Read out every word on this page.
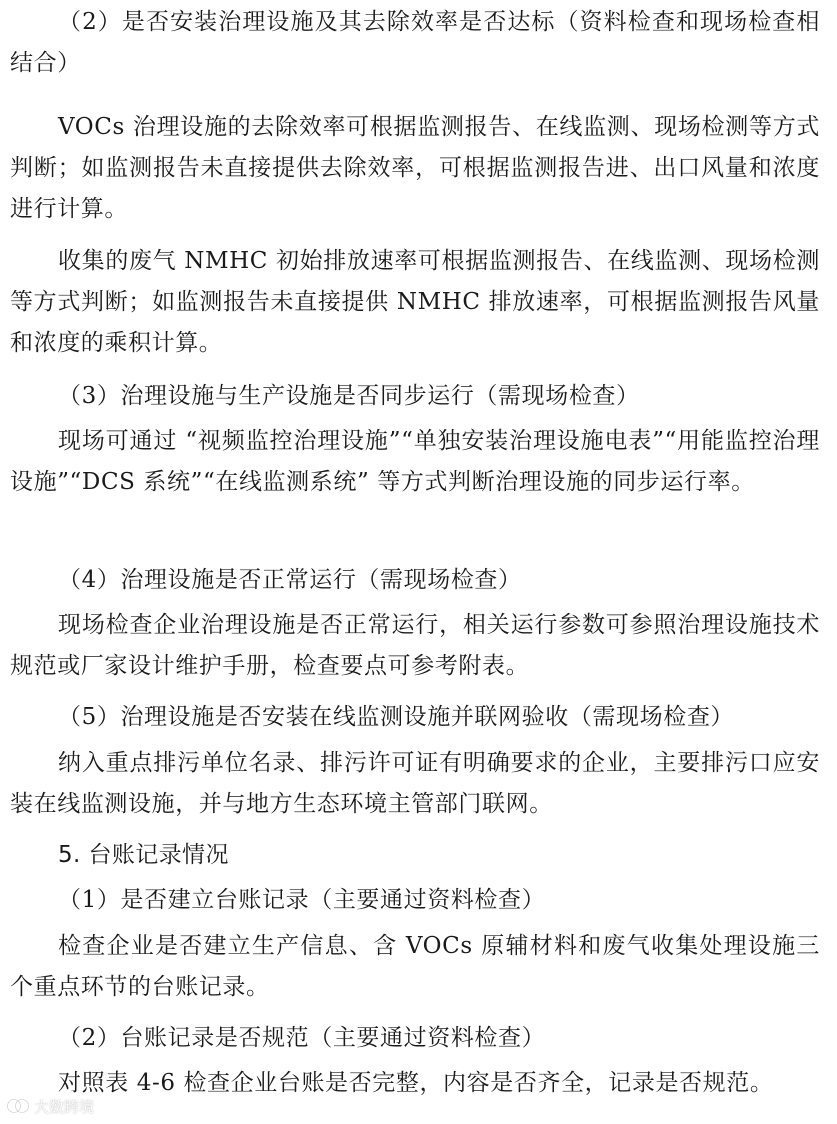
（2）是否安装治理设施及其去除效率是否达标（资料检查和现场检查相结合）

VOCs 治理设施的去除效率可根据监测报告、在线监测、现场检测等方式判断；如监测报告未直接提供去除效率，可根据监测报告进、出口风量和浓度进行计算。

收集的废气 NMHC 初始排放速率可根据监测报告、在线监测、现场检测等方式判断；如监测报告未直接提供 NMHC 排放速率，可根据监测报告风量和浓度的乘积计算。

（3）治理设施与生产设施是否同步运行（需现场检查）

现场可通过 “视频监控治理设施”“单独安装治理设施电表”“用能监控治理设施”“DCS 系统”“在线监测系统” 等方式判断治理设施的同步运行率。

（4）治理设施是否正常运行（需现场检查）

现场检查企业治理设施是否正常运行，相关运行参数可参照治理设施技术规范或厂家设计维护手册，检查要点可参考附表。

（5）治理设施是否安装在线监测设施并联网验收（需现场检查）

纳入重点排污单位名录、排污许可证有明确要求的企业，主要排污口应安装在线监测设施，并与地方生态环境主管部门联网。

5. 台账记录情况

（1）是否建立台账记录（主要通过资料检查）

检查企业是否建立生产信息、含 VOCs 原辅材料和废气收集处理设施三个重点环节的台账记录。

（2）台账记录是否规范（主要通过资料检查）

对照表 4-6 检查企业台账是否完整，内容是否齐全，记录是否规范。

大数跨境
